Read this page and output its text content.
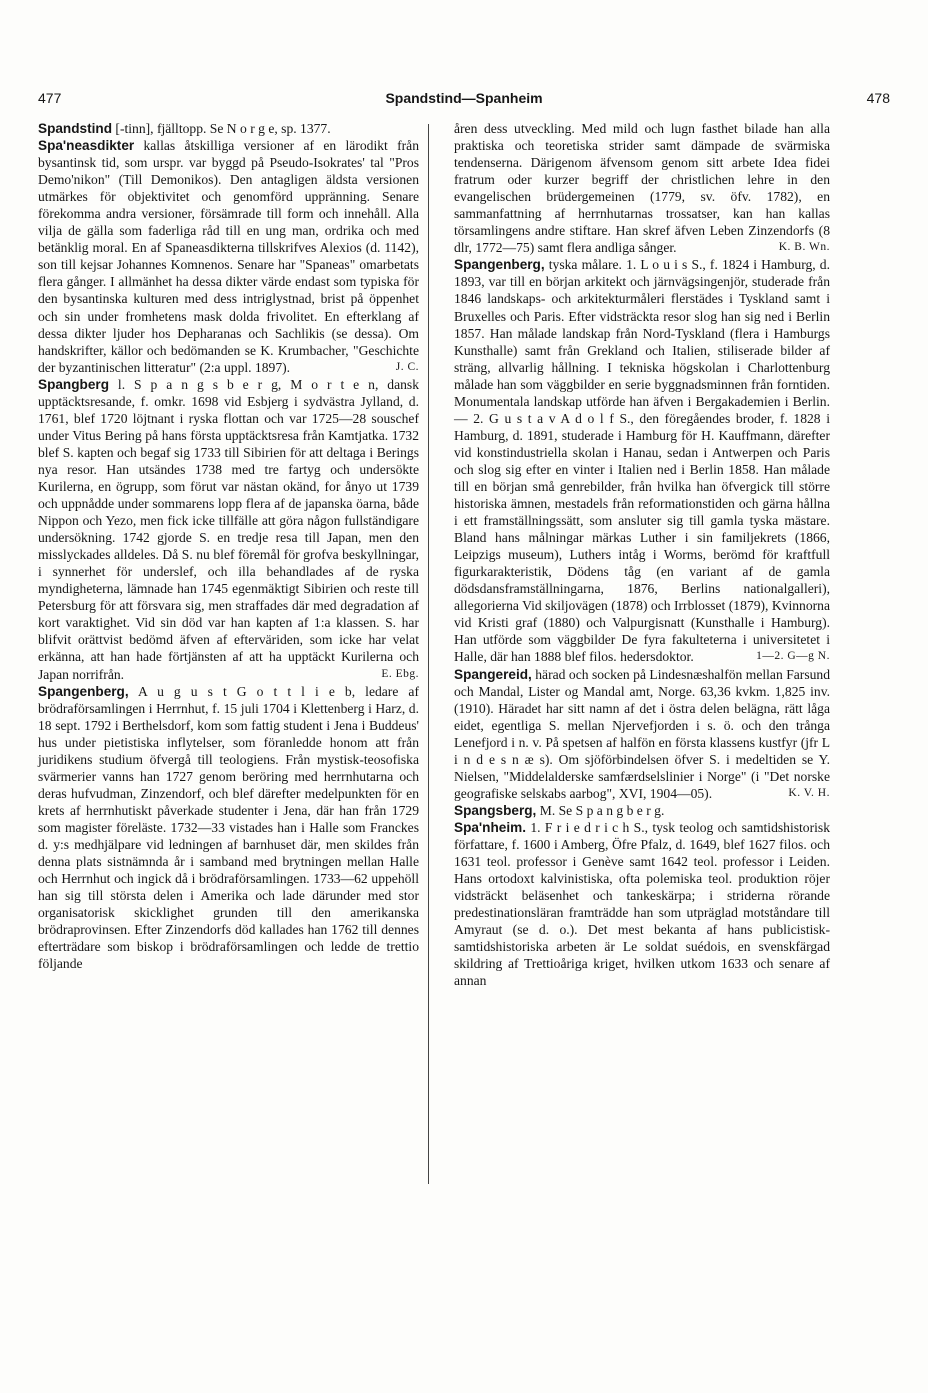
477	Spandstind—Spanheim	478

Spandstind [-tinn], fjälltopp. Se N o r g e, sp. 1377.

Spa'neasdikter kallas åtskilliga versioner af en lärodikt från bysantinsk tid, som urspr. var byggd på Pseudo-Isokrates' tal "Pros Demo'nikon" (Till Demonikos). Den antagligen äldsta versionen utmärkes för objektivitet och genomförd uppränning. Senare förekomma andra versioner, försämrade till form och innehåll. Alla vilja de gälla som faderliga råd till en ung man, ordrika och med betänklig moral. En af Spaneasdikterna tillskrifves Alexios (d. 1142), son till kejsar Johannes Komnenos. Senare har "Spaneas" omarbetats flera gånger. I allmänhet ha dessa dikter värde endast som typiska för den bysantinska kulturen med dess intriglystnad, brist på öppenhet och sin under fromhetens mask dolda frivolitet. En efterklang af dessa dikter ljuder hos Depharanas och Sachlikis (se dessa). Om handskrifter, källor och bedömanden se K. Krumbacher, "Geschichte der byzantinischen litteratur" (2:a uppl. 1897).	J. C.

Spangberg l. S p a n g s b e r g, M o r t e n, dansk upptäcktsresande, f. omkr. 1698 vid Esbjerg i sydvästra Jylland, d. 1761, blef 1720 löjtnant i ryska flottan och var 1725—28 souschef under Vitus Bering på hans första upptäcktsresa från Kamtjatka. 1732 blef S. kapten och begaf sig 1733 till Sibirien för att deltaga i Berings nya resor. Han utsändes 1738 med tre fartyg och undersökte Kurilerna, en ögrupp, som förut var nästan okänd, for ånyo ut 1739 och uppnådde under sommarens lopp flera af de japanska öarna, både Nippon och Yezo, men fick icke tillfälle att göra någon fullständigare undersökning. 1742 gjorde S. en tredje resa till Japan, men den misslyckades alldeles. Då S. nu blef föremål för grofva beskyllningar, i synnerhet för underslef, och illa behandlades af de ryska myndigheterna, lämnade han 1745 egenmäktigt Sibirien och reste till Petersburg för att försvara sig, men straffades där med degradation af kort varaktighet. Vid sin död var han kapten af 1:a klassen. S. har blifvit orättvist bedömd äfven af efterväriden, som icke har velat erkänna, att han hade förtjänsten af att ha upptäckt Kurilerna och Japan norrifrån.	E. Ebg.

Spangenberg, A u g u s t G o t t l i e b, ledare af brödraförsamlingen i Herrnhut, f. 15 juli 1704 i Klettenberg i Harz, d. 18 sept. 1792 i Berthelsdorf, kom som fattig student i Jena i Buddeus' hus under pietistiska inflytelser, som föranledde honom att från juridikens studium öfvergå till teologiens. Från mystisk-teosofiska svärmerier vanns han 1727 genom beröring med herrnhutarna och deras hufvudman, Zinzendorf, och blef därefter medelpunkten för en krets af herrnhutiskt påverkade studenter i Jena, där han från 1729 som magister föreläste. 1732—33 vistades han i Halle som Franckes d. y:s medhjälpare vid ledningen af barnhuset där, men skildes från denna plats sistnämnda år i samband med brytningen mellan Halle och Herrnhut och ingick då i brödraförsamlingen. 1733—62 uppehöll han sig till största delen i Amerika och lade därunder med stor organisatorisk skicklighet grunden till den amerikanska brödraprovinsen. Efter Zinzendorfs död kallades han 1762 till dennes efterträdare som biskop i brödraförsamlingen och ledde de trettio följande

åren dess utveckling. Med mild och lugn fasthet bilade han alla praktiska och teoretiska strider samt dämpade de svärmiska tendenserna. Därigenom äfvensom genom sitt arbete Idea fidei fratrum oder kurzer begriff der christlichen lehre in den evangelischen brüdergemeinen (1779, sv. öfv. 1782), en sammanfattning af herrnhutarnas trossatser, kan han kallas törsamlingens andre stiftare. Han skref äfven Leben Zinzendorfs (8 dlr, 1772—75) samt flera andliga sånger.	K. B. Wn.

Spangenberg, tyska målare. 1. L o u i s S., f. 1824 i Hamburg, d. 1893, var till en början arkitekt och järnvägsingenjör, studerade från 1846 landskaps- och arkitekturmåleri flerstädes i Tyskland samt i Bruxelles och Paris. Efter vidsträckta resor slog han sig ned i Berlin 1857. Han målade landskap från Nord-Tyskland (flera i Hamburgs Kunsthalle) samt från Grekland och Italien, stiliserade bilder af sträng, allvarlig hållning. I tekniska högskolan i Charlottenburg målade han som väggbilder en serie byggnadsminnen från forntiden. Monumentala landskap utförde han äfven i Bergakademien i Berlin. — 2. G u s t a v A d o l f S., den föregåendes broder, f. 1828 i Hamburg, d. 1891, studerade i Hamburg för H. Kauffmann, därefter vid konstindustriella skolan i Hanau, sedan i Antwerpen och Paris och slog sig efter en vinter i Italien ned i Berlin 1858. Han målade till en början små genrebilder, från hvilka han öfvergick till större historiska ämnen, mestadels från reformationstiden och gärna hållna i ett framställningssätt, som ansluter sig till gamla tyska mästare. Bland hans målningar märkas Luther i sin familjekrets (1866, Leipzigs museum), Luthers intåg i Worms, berömd för kraftfull figurkarakteristik, Dödens tåg (en variant af de gamla dödsdansframställningarna, 1876, Berlins nationalgalleri), allegorierna Vid skiljovägen (1878) och Irrblosset (1879), Kvinnorna vid Kristi graf (1880) och Valpurgisnatt (Kunsthalle i Hamburg). Han utförde som väggbilder De fyra fakulteterna i universitetet i Halle, där han 1888 blef filos. hedersdoktor.	1—2. G—g N.

Spangereid, härad och socken på Lindesnæshalfön mellan Farsund och Mandal, Lister og Mandal amt, Norge. 63,36 kvkm. 1,825 inv. (1910). Häradet har sitt namn af det i östra delen belägna, rätt låga eidet, egentliga S. mellan Njervefjorden i s. ö. och den trånga Lenefjord i n. v. På spetsen af halfön en första klassens kustfyr (jfr L i n d e s n æ s). Om sjöförbindelsen öfver S. i medeltiden se Y. Nielsen, "Middelalderske samfærdselslinier i Norge" (i "Det norske geografiske selskabs aarbog", XVI, 1904—05).	K. V. H.

Spangsberg, M. Se S p a n g b e r g.

Spa'nheim. 1. F r i e d r i c h S., tysk teolog och samtidshistorisk författare, f. 1600 i Amberg, Öfre Pfalz, d. 1649, blef 1627 filos. och 1631 teol. professor i Genève samt 1642 teol. professor i Leiden. Hans ortodoxt kalvinistiska, ofta polemiska teol. produktion röjer vidsträckt beläsenhet och tankeskärpa; i striderna rörande predestinationsläran framträdde han som utpräglad motståndare till Amyraut (se d. o.). Det mest bekanta af hans publicistisk-samtidshistoriska arbeten är Le soldat suédois, en svenskfärgad skildring af Trettioåriga kriget, hvilken utkom 1633 och senare af annan
